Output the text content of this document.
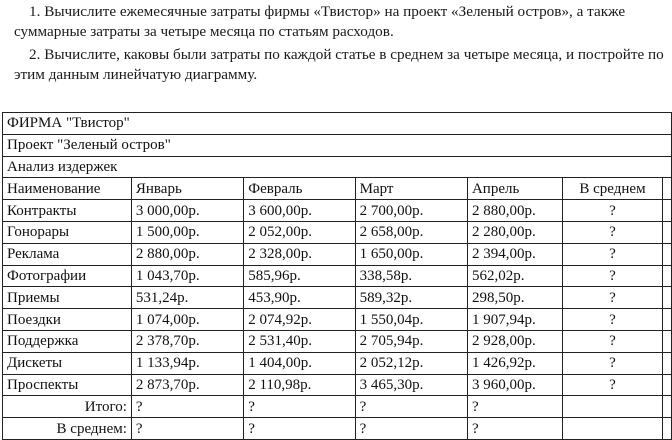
1. Вычислите ежемесячные затраты фирмы «Твистор» на проект «Зеленый остров», а также суммарные затраты за четыре месяца по статьям расходов.

2. Вычислите, каковы были затраты по каждой статье в среднем за четыре месяца, и постройте по этим данным линейчатую диаграмму.

ФИРМА "Твистор"						
Проект "Зеленый остров"						
Анализ издержек						
Наименование	Январь	Февраль	Март	Апрель	В среднем	
Контракты	3 000,00р.	3 600,00р.	2 700,00р.	2 880,00р.	?	
Гонорары	1 500,00р.	2 052,00р.	2 658,00р.	2 280,00р.	?	
Реклама	2 880,00р.	2 328,00р.	1 650,00р.	2 394,00р.	?	
Фотографии	1 043,70р.	585,96р.	338,58р.	562,02р.	?	
Приемы	531,24р.	453,90р.	589,32р.	298,50р.	?	
Поездки	1 074,00р.	2 074,92р.	1 550,04р.	1 907,94р.	?	
Поддержка	2 378,70р.	2 531,40р.	2 705,94р.	2 928,00р.	?	
Дискеты	1 133,94р.	1 404,00р.	2 052,12р.	1 426,92р.	?	
Проспекты	2 873,70р.	2 110,98р.	3 465,30р.	3 960,00р.	?	
Итого:	?	?	?	?		
В среднем:	?	?	?	?		
